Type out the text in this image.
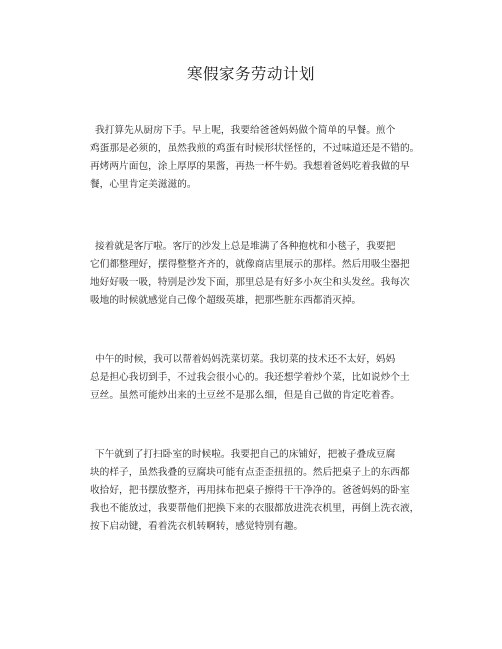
寒假家务劳动计划
我打算先从厨房下手。早上呢，我要给爸爸妈妈做个简单的早餐。煎个
鸡蛋那是必须的，虽然我煎的鸡蛋有时候形状怪怪的，不过味道还是不错的。
再烤两片面包，涂上厚厚的果酱，再热一杯牛奶。我想着爸妈吃着我做的早
餐，心里肯定美滋滋的。
接着就是客厅啦。客厅的沙发上总是堆满了各种抱枕和小毯子，我要把
它们都整理好，摆得整整齐齐的，就像商店里展示的那样。然后用吸尘器把
地好好吸一吸，特别是沙发下面，那里总是有好多小灰尘和头发丝。我每次
吸地的时候就感觉自己像个超级英雄，把那些脏东西都消灭掉。
中午的时候，我可以帮着妈妈洗菜切菜。我切菜的技术还不太好，妈妈
总是担心我切到手，不过我会很小心的。我还想学着炒个菜，比如说炒个土
豆丝。虽然可能炒出来的土豆丝不是那么细，但是自己做的肯定吃着香。
下午就到了打扫卧室的时候啦。我要把自己的床铺好，把被子叠成豆腐
块的样子，虽然我叠的豆腐块可能有点歪歪扭扭的。然后把桌子上的东西都
收拾好，把书摆放整齐，再用抹布把桌子擦得干干净净的。爸爸妈妈的卧室
我也不能放过，我要帮他们把换下来的衣服都放进洗衣机里，再倒上洗衣液，
按下启动键，看着洗衣机转啊转，感觉特别有趣。
